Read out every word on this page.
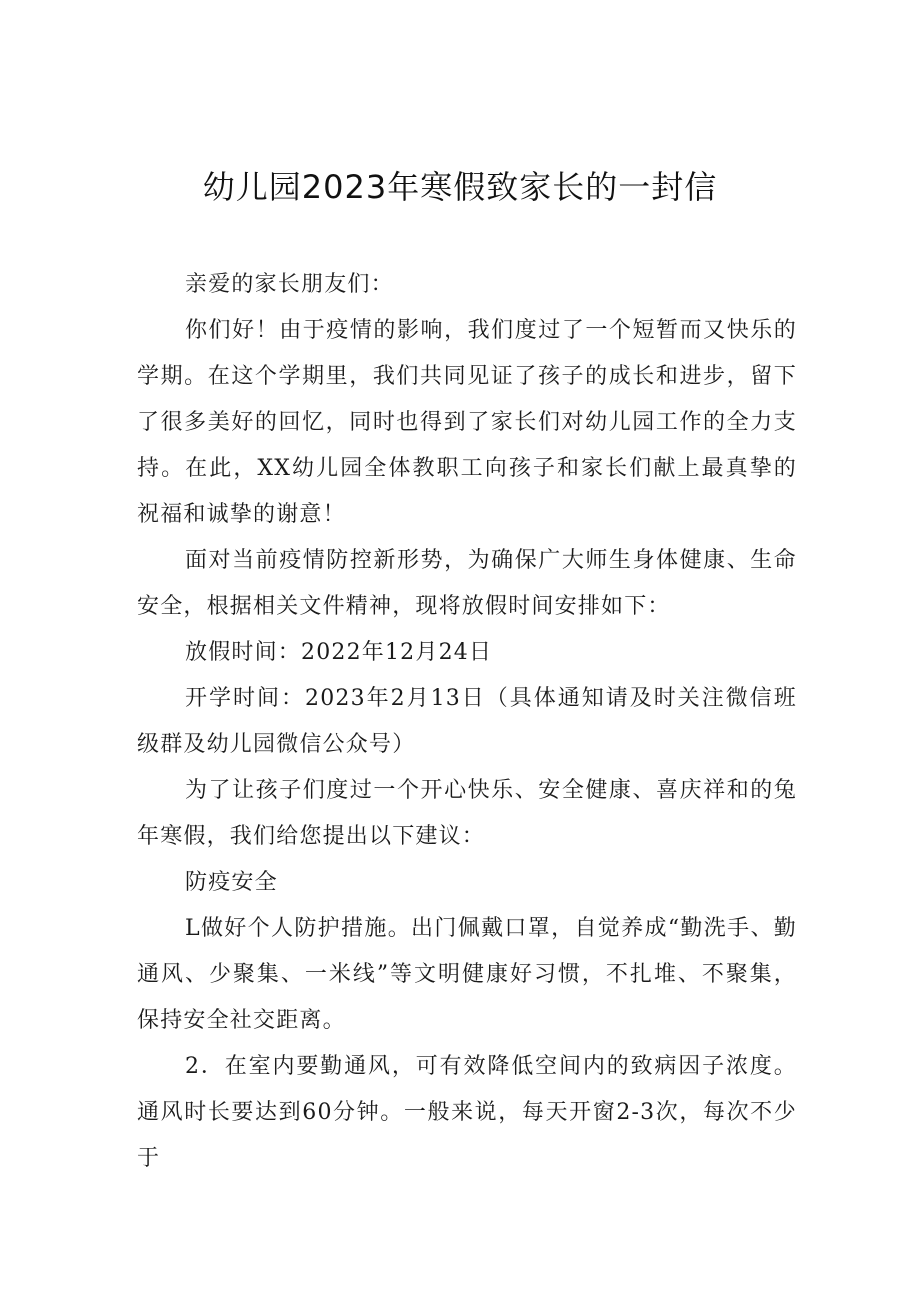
幼儿园2023年寒假致家长的一封信

亲爱的家长朋友们：

你们好！由于疫情的影响，我们度过了一个短暂而又快乐的学期。在这个学期里，我们共同见证了孩子的成长和进步，留下了很多美好的回忆，同时也得到了家长们对幼儿园工作的全力支持。在此，XX幼儿园全体教职工向孩子和家长们献上最真挚的祝福和诚挚的谢意！

面对当前疫情防控新形势，为确保广大师生身体健康、生命安全，根据相关文件精神，现将放假时间安排如下：

放假时间：2022年12月24日

开学时间：2023年2月13日（具体通知请及时关注微信班级群及幼儿园微信公众号）

为了让孩子们度过一个开心快乐、安全健康、喜庆祥和的兔年寒假，我们给您提出以下建议：

防疫安全

L做好个人防护措施。出门佩戴口罩，自觉养成“勤洗手、勤通风、少聚集、一米线”等文明健康好习惯，不扎堆、不聚集，保持安全社交距离。

2．在室内要勤通风，可有效降低空间内的致病因子浓度。通风时长要达到60分钟。一般来说，每天开窗2-3次，每次不少于
